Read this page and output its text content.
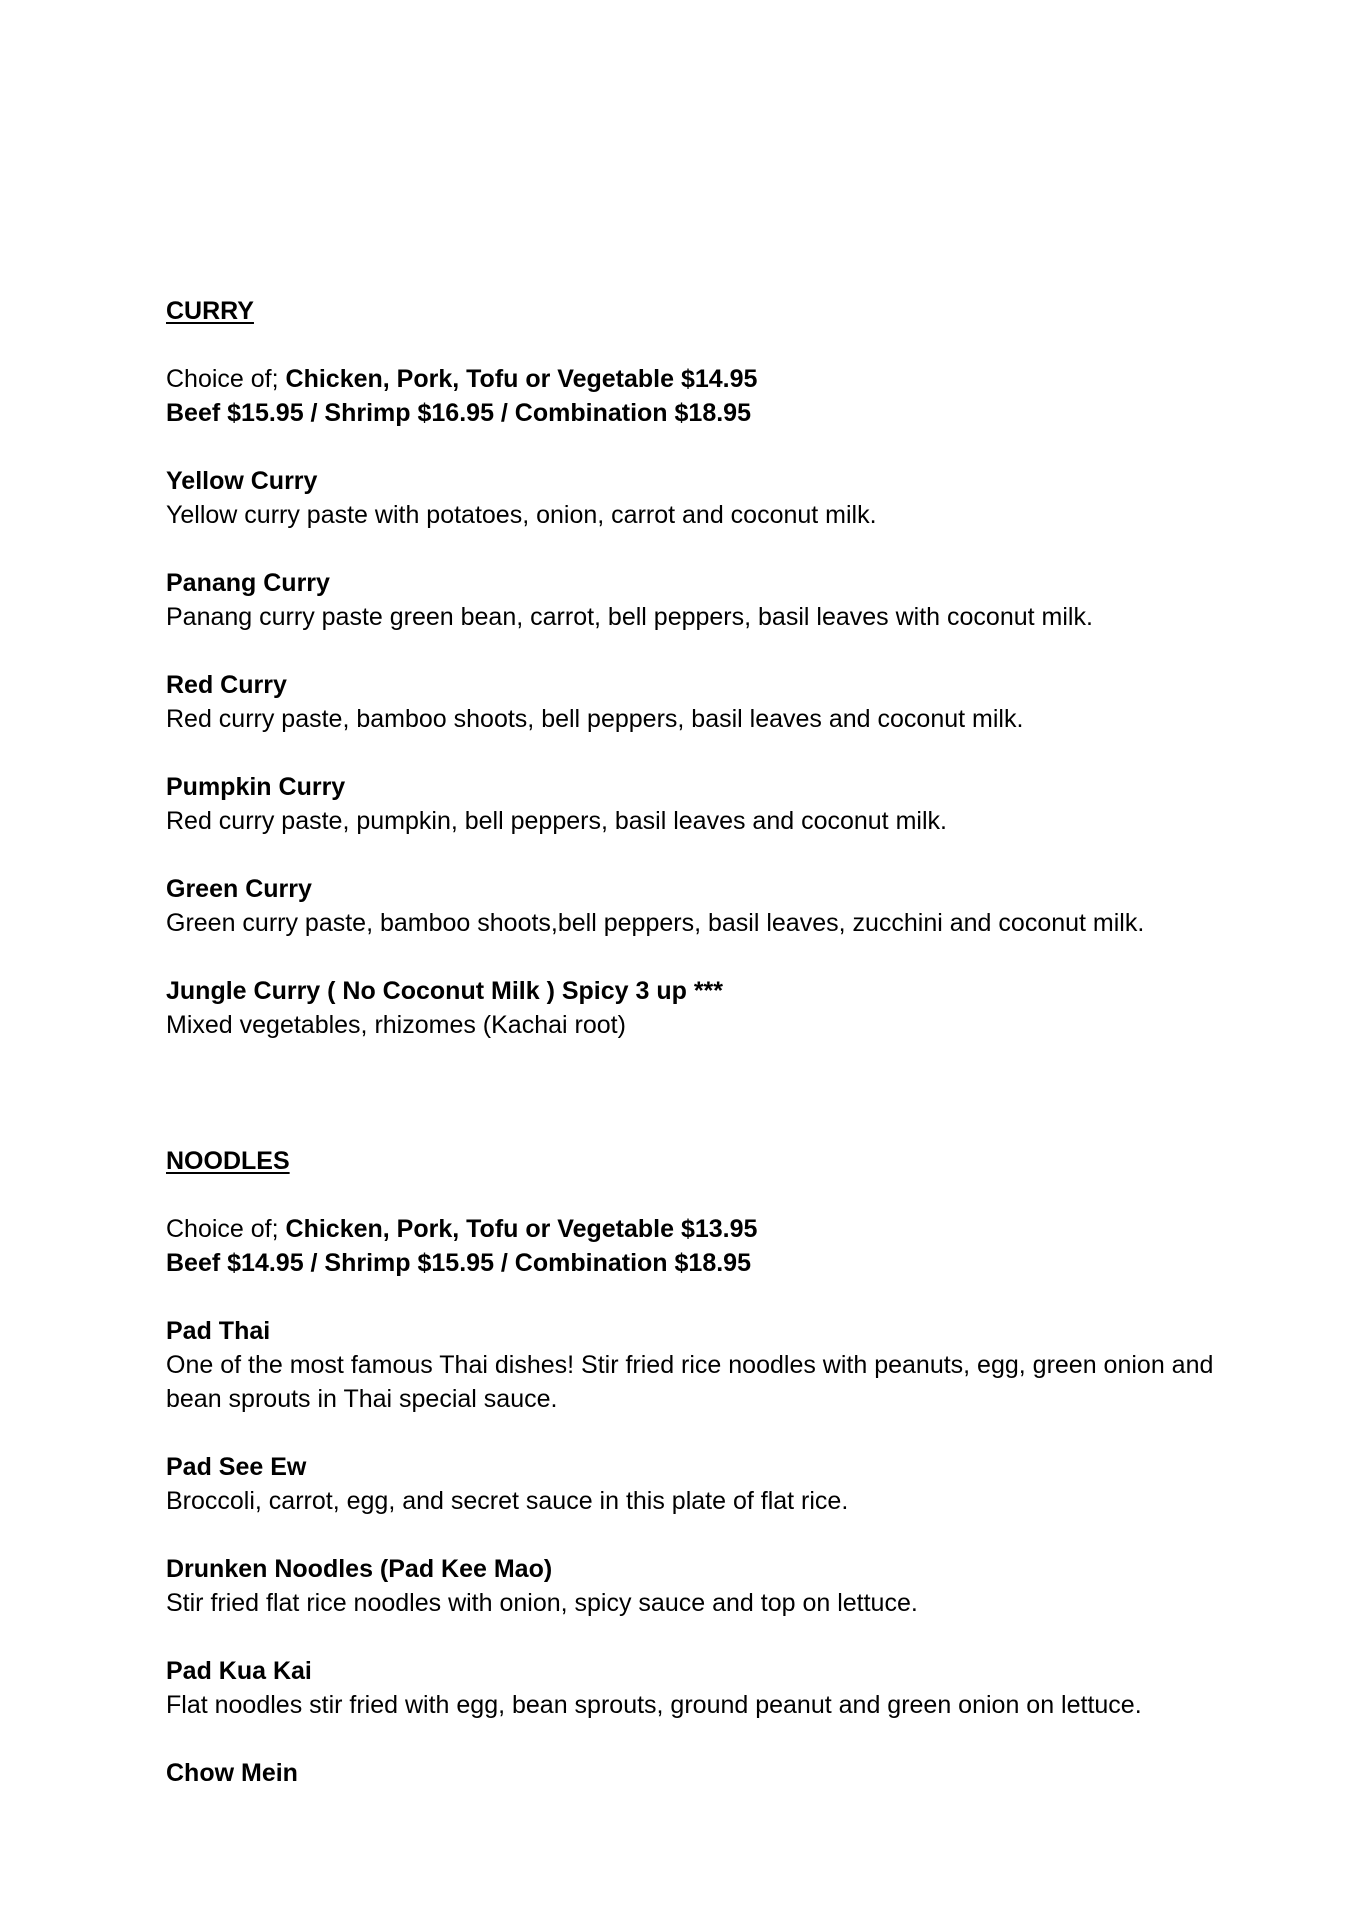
CURRY

Choice of; Chicken, Pork, Tofu or Vegetable $14.95

Beef $15.95 / Shrimp $16.95 / Combination $18.95

Yellow Curry

Yellow curry paste with potatoes, onion, carrot and coconut milk.

Panang Curry

Panang curry paste green bean, carrot, bell peppers, basil leaves with coconut milk.

Red Curry

Red curry paste, bamboo shoots, bell peppers, basil leaves and coconut milk.

Pumpkin Curry

Red curry paste, pumpkin, bell peppers, basil leaves and coconut milk.

Green Curry

Green curry paste, bamboo shoots,bell peppers, basil leaves, zucchini and coconut milk.

Jungle Curry ( No Coconut Milk ) Spicy 3 up ***

Mixed vegetables, rhizomes (Kachai root)

NOODLES

Choice of; Chicken, Pork, Tofu or Vegetable $13.95

Beef $14.95 / Shrimp $15.95 / Combination $18.95

Pad Thai

One of the most famous Thai dishes! Stir fried rice noodles with peanuts, egg, green onion and bean sprouts in Thai special sauce.

Pad See Ew

Broccoli, carrot, egg, and secret sauce in this plate of flat rice.

Drunken Noodles (Pad Kee Mao)

Stir fried flat rice noodles with onion, spicy sauce and top on lettuce.

Pad Kua Kai

Flat noodles stir fried with egg, bean sprouts, ground peanut and green onion on lettuce.

Chow Mein
